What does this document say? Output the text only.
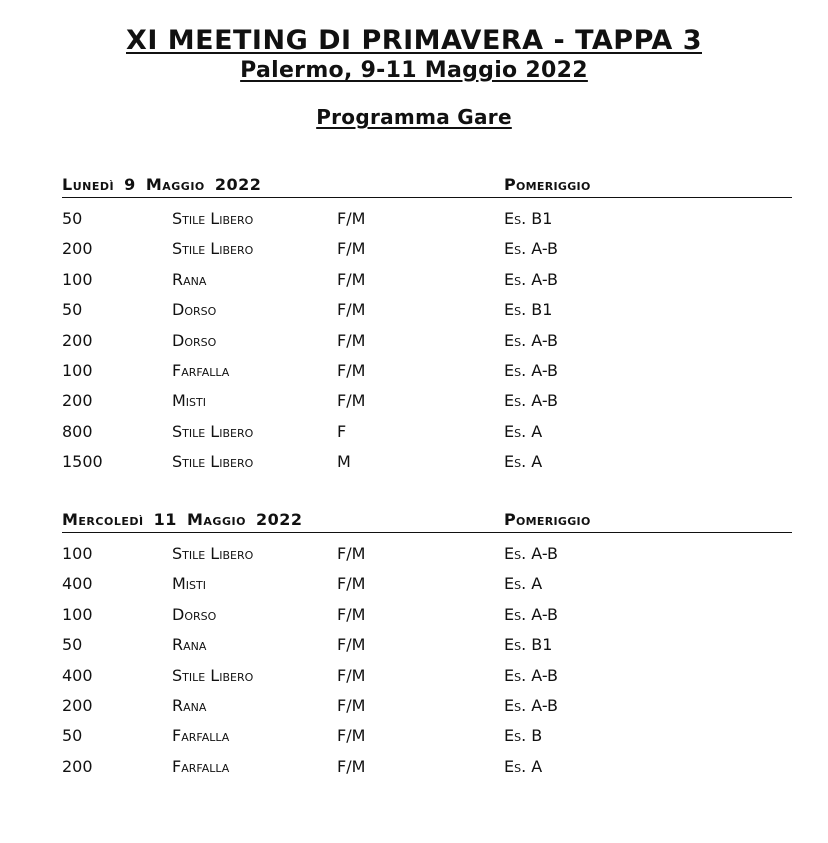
XI MEETING DI PRIMAVERA - TAPPA 3
Palermo, 9-11 Maggio 2022
Programma Gare
Lunedì 9 Maggio 2022	Pomeriggio
50	Stile Libero	F/M	Es. B1
200	Stile Libero	F/M	Es. A-B
100	Rana	F/M	Es. A-B
50	Dorso	F/M	Es. B1
200	Dorso	F/M	Es. A-B
100	Farfalla	F/M	Es. A-B
200	Misti	F/M	Es. A-B
800	Stile Libero	F	Es. A
1500	Stile Libero	M	Es. A
Mercoledì 11 Maggio 2022	Pomeriggio
100	Stile Libero	F/M	Es. A-B
400	Misti	F/M	Es. A
100	Dorso	F/M	Es. A-B
50	Rana	F/M	Es. B1
400	Stile Libero	F/M	Es. A-B
200	Rana	F/M	Es. A-B
50	Farfalla	F/M	Es. B
200	Farfalla	F/M	Es. A
